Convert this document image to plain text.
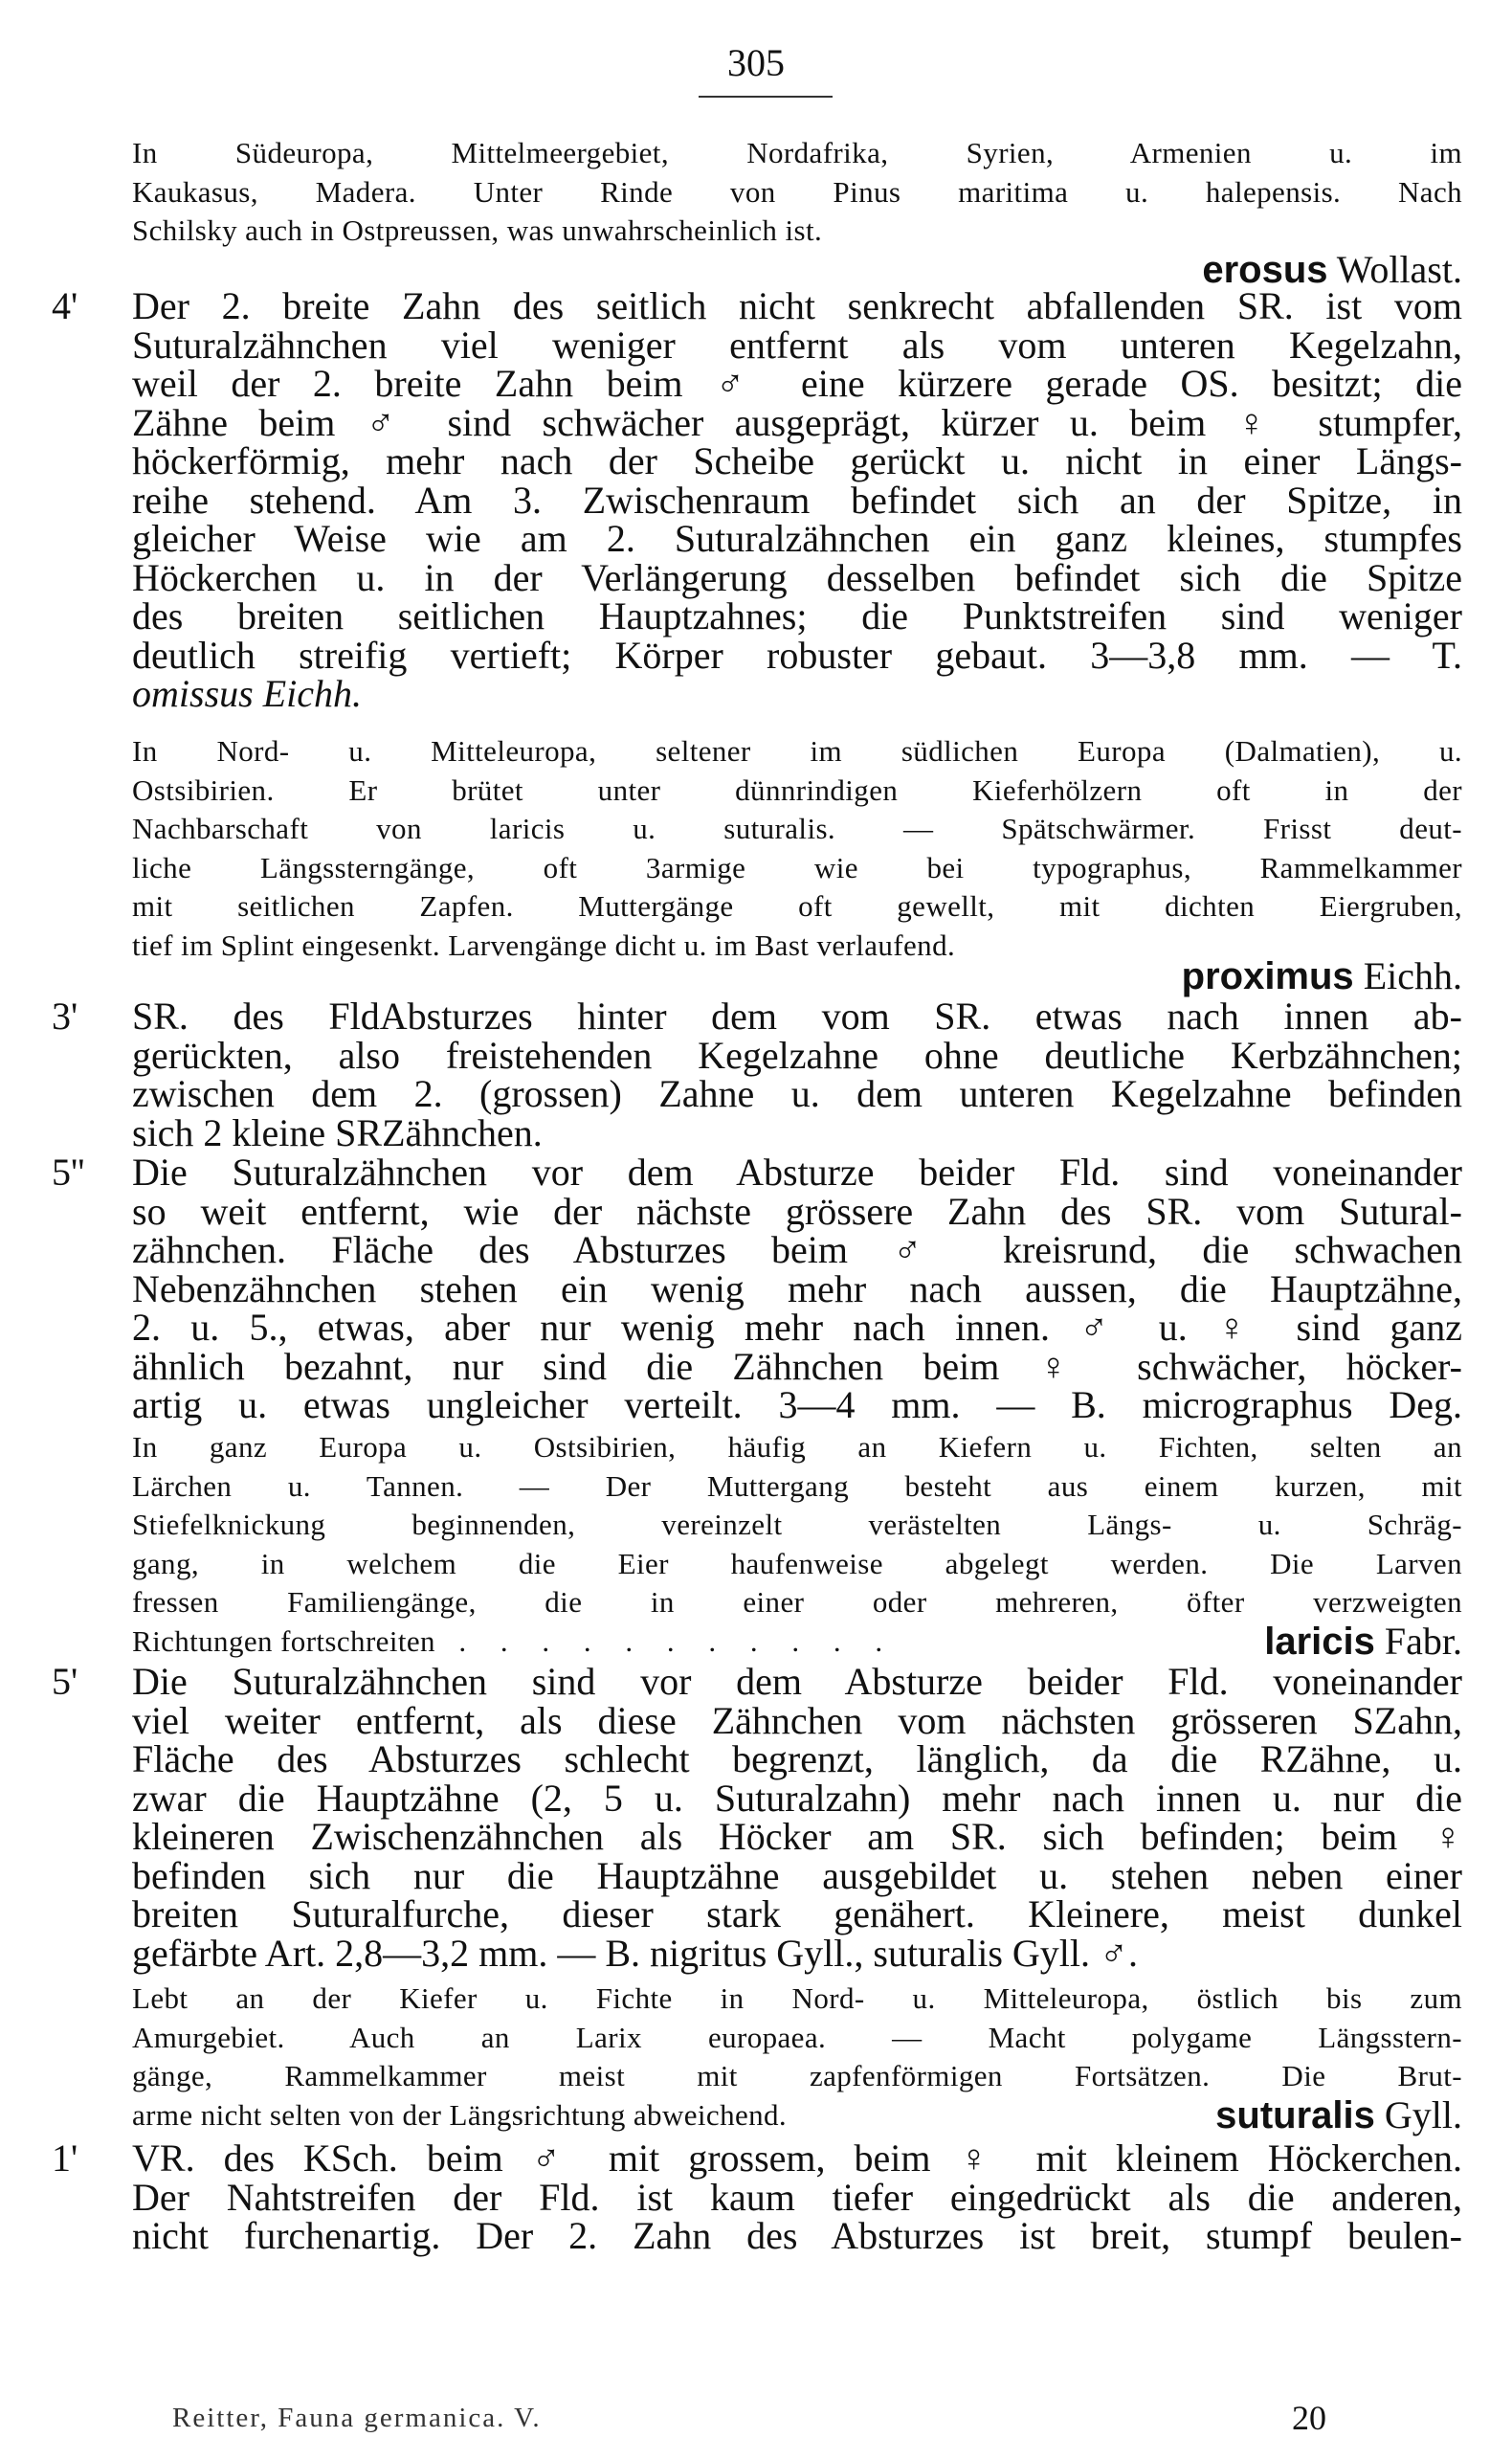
305
In Südeuropa, Mittelmeergebiet, Nordafrika, Syrien, Armenien u. im
Kaukasus, Madera. Unter Rinde von Pinus maritima u. halepensis. Nach
Schilsky auch in Ostpreussen, was unwahrscheinlich ist.
erosus Wollast.
4' Der 2. breite Zahn des seitlich nicht senkrecht abfallenden SR. ist vom
Suturalzähnchen viel weniger entfernt als vom unteren Kegelzahn,
weil der 2. breite Zahn beim ♂ eine kürzere gerade OS. besitzt; die
Zähne beim ♂ sind schwächer ausgeprägt, kürzer u. beim ♀ stumpfer,
höckerförmig, mehr nach der Scheibe gerückt u. nicht in einer Längs-
reihe stehend. Am 3. Zwischenraum befindet sich an der Spitze, in
gleicher Weise wie am 2. Suturalzähnchen ein ganz kleines, stumpfes
Höckerchen u. in der Verlängerung desselben befindet sich die Spitze
des breiten seitlichen Hauptzahnes; die Punktstreifen sind weniger
deutlich streifig vertieft; Körper robuster gebaut. 3—3,8 mm. — T.
omissus Eichh.
In Nord- u. Mitteleuropa, seltener im südlichen Europa (Dalmatien), u.
Ostsibirien. Er brütet unter dünnrindigen Kieferhölzern oft in der
Nachbarschaft von laricis u. suturalis. — Spätschwärmer. Frisst deut-
liche Längssterngänge, oft 3armige wie bei typographus, Rammelkammer
mit seitlichen Zapfen. Muttergänge oft gewellt, mit dichten Eiergruben,
tief im Splint eingesenkt. Larvengänge dicht u. im Bast verlaufend.
proximus Eichh.
3' SR. des FldAbsturzes hinter dem vom SR. etwas nach innen ab-
gerückten, also freistehenden Kegelzahne ohne deutliche Kerbzähnchen;
zwischen dem 2. (grossen) Zahne u. dem unteren Kegelzahne befinden
sich 2 kleine SRZähnchen.
5'' Die Suturalzähnchen vor dem Absturze beider Fld. sind voneinander
so weit entfernt, wie der nächste grössere Zahn des SR. vom Sutural-
zähnchen. Fläche des Absturzes beim ♂ kreisrund, die schwachen
Nebenzähnchen stehen ein wenig mehr nach aussen, die Hauptzähne,
2. u. 5., etwas, aber nur wenig mehr nach innen. ♂ u. ♀ sind ganz
ähnlich bezahnt, nur sind die Zähnchen beim ♀ schwächer, höcker-
artig u. etwas ungleicher verteilt. 3—4 mm. — B. micrographus Deg.
In ganz Europa u. Ostsibirien, häufig an Kiefern u. Fichten, selten an
Lärchen u. Tannen. — Der Muttergang besteht aus einem kurzen, mit
Stiefelknickung beginnenden, vereinzelt verästelten Längs- u. Schräg-
gang, in welchem die Eier haufenweise abgelegt werden. Die Larven
fressen Familiengänge, die in einer oder mehreren, öfter verzweigten
Richtungen fortschreiten . . . . . . . . . . .	laricis Fabr.
5' Die Suturalzähnchen sind vor dem Absturze beider Fld. voneinander
viel weiter entfernt, als diese Zähnchen vom nächsten grösseren SZahn,
Fläche des Absturzes schlecht begrenzt, länglich, da die RZähne, u.
zwar die Hauptzähne (2, 5 u. Suturalzahn) mehr nach innen u. nur die
kleineren Zwischenzähnchen als Höcker am SR. sich befinden; beim ♀
befinden sich nur die Hauptzähne ausgebildet u. stehen neben einer
breiten Suturalfurche, dieser stark genähert. Kleinere, meist dunkel
gefärbte Art. 2,8—3,2 mm. — B. nigritus Gyll., suturalis Gyll. ♂.
Lebt an der Kiefer u. Fichte in Nord- u. Mitteleuropa, östlich bis zum
Amurgebiet. Auch an Larix europaea. — Macht polygame Längsstern-
gänge, Rammelkammer meist mit zapfenförmigen Fortsätzen. Die Brut-
arme nicht selten von der Längsrichtung abweichend.	suturalis Gyll.
1' VR. des KSch. beim ♂ mit grossem, beim ♀ mit kleinem Höckerchen.
Der Nahtstreifen der Fld. ist kaum tiefer eingedrückt als die anderen,
nicht furchenartig. Der 2. Zahn des Absturzes ist breit, stumpf beulen-
Reitter, Fauna germanica. V.	20
